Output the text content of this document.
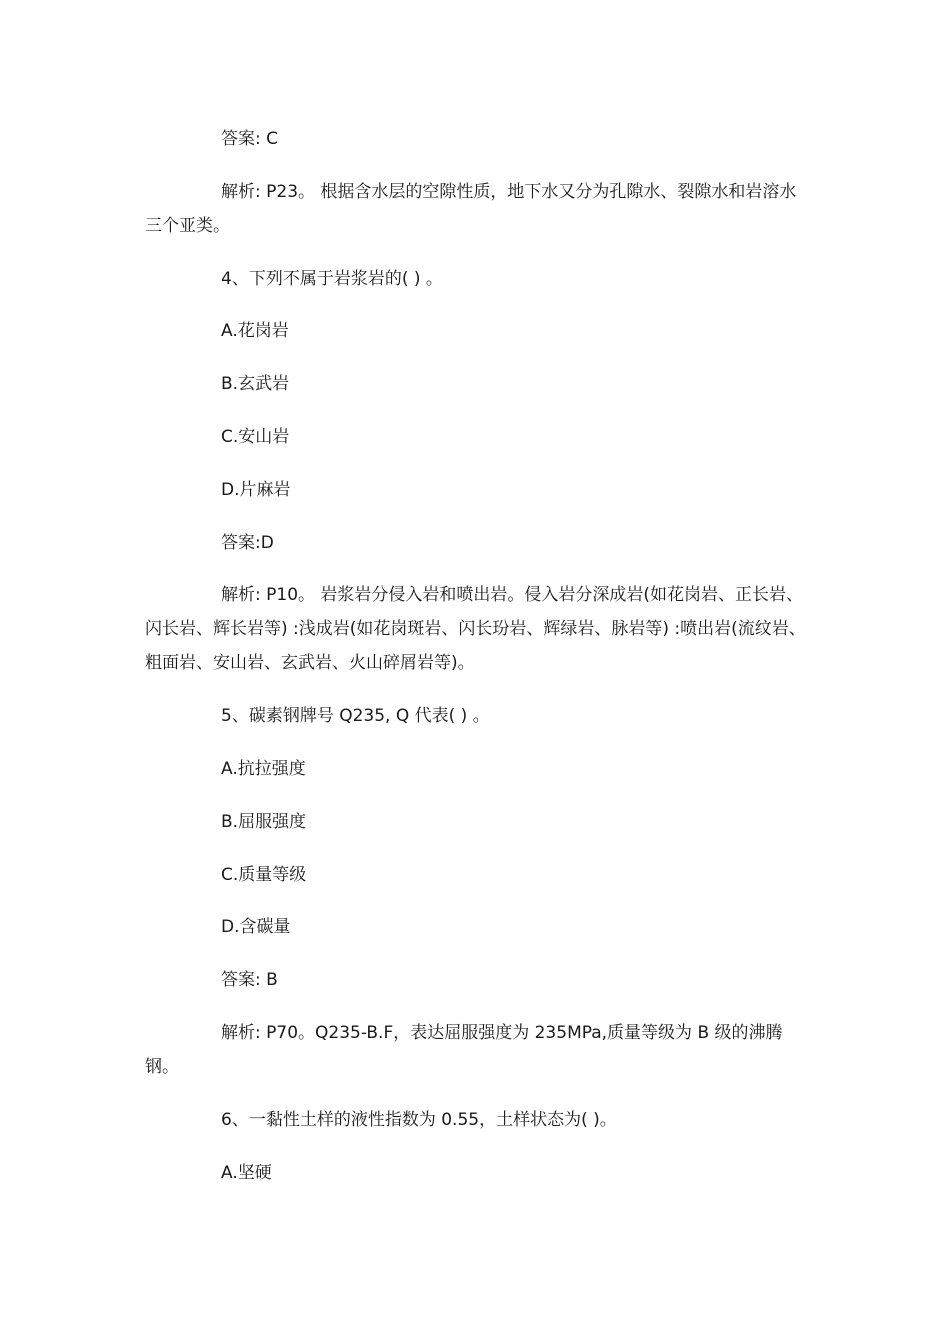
答案: C

解析: P23。 根据含水层的空隙性质，地下水又分为孔隙水、裂隙水和岩溶水三个亚类。

4、下列不属于岩浆岩的( ) 。

A.花岗岩

B.玄武岩

C.安山岩

D.片麻岩

答案:D

解析: P10。 岩浆岩分侵入岩和喷出岩。侵入岩分深成岩(如花岗岩、正长岩、闪长岩、辉长岩等) :浅成岩(如花岗斑岩、闪长玢岩、辉绿岩、脉岩等) :喷出岩(流纹岩、粗面岩、安山岩、玄武岩、火山碎屑岩等)。

5、碳素钢牌号 Q235, Q 代表( ) 。

A.抗拉强度

B.屈服强度

C.质量等级

D.含碳量

答案: B

解析: P70。Q235-B.F，表达屈服强度为 235MPa,质量等级为 B 级的沸腾钢。

6、一黏性土样的液性指数为 0.55，土样状态为( )。

A.坚硬
